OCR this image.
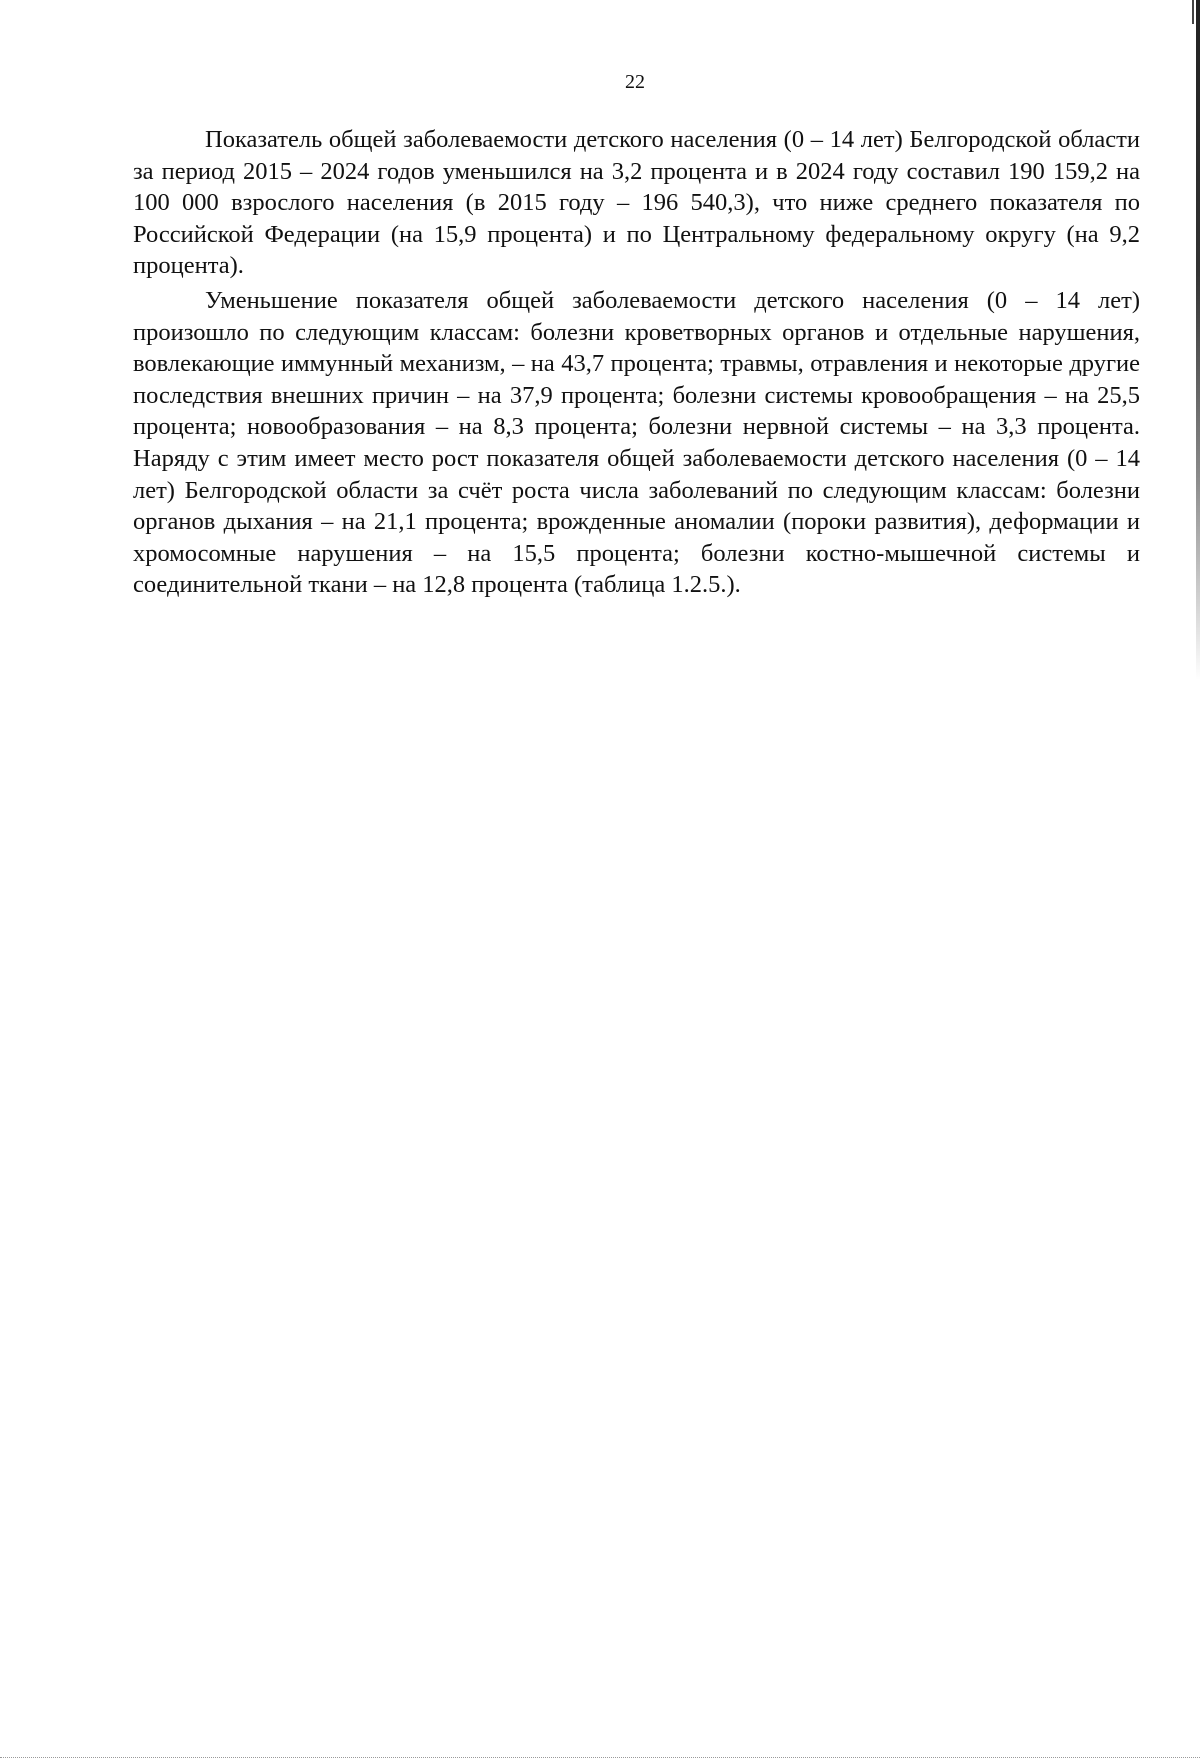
22

Показатель общей заболеваемости детского населения (0 – 14 лет) Белгородской области за период 2015 – 2024 годов уменьшился на 3,2 процента и в 2024 году составил 190 159,2 на 100 000 взрослого населения (в 2015 году – 196 540,3), что ниже среднего показателя по Российской Федерации (на 15,9 процента) и по Центральному федеральному округу (на 9,2 процента).

Уменьшение показателя общей заболеваемости детского населения (0 – 14 лет) произошло по следующим классам: болезни кроветворных органов и отдельные нарушения, вовлекающие иммунный механизм, – на 43,7 процента; травмы, отравления и некоторые другие последствия внешних причин – на 37,9 процента; болезни системы кровообращения – на 25,5 процента; новообразования – на 8,3 процента; болезни нервной системы – на 3,3 процента. Наряду с этим имеет место рост показателя общей заболеваемости детского населения (0 – 14 лет) Белгородской области за счёт роста числа заболеваний по следующим классам: болезни органов дыхания – на 21,1 процента; врожденные аномалии (пороки развития), деформации и хромосомные нарушения – на 15,5 процента; болезни костно-мышечной системы и соединительной ткани – на 12,8 процента (таблица 1.2.5.).
